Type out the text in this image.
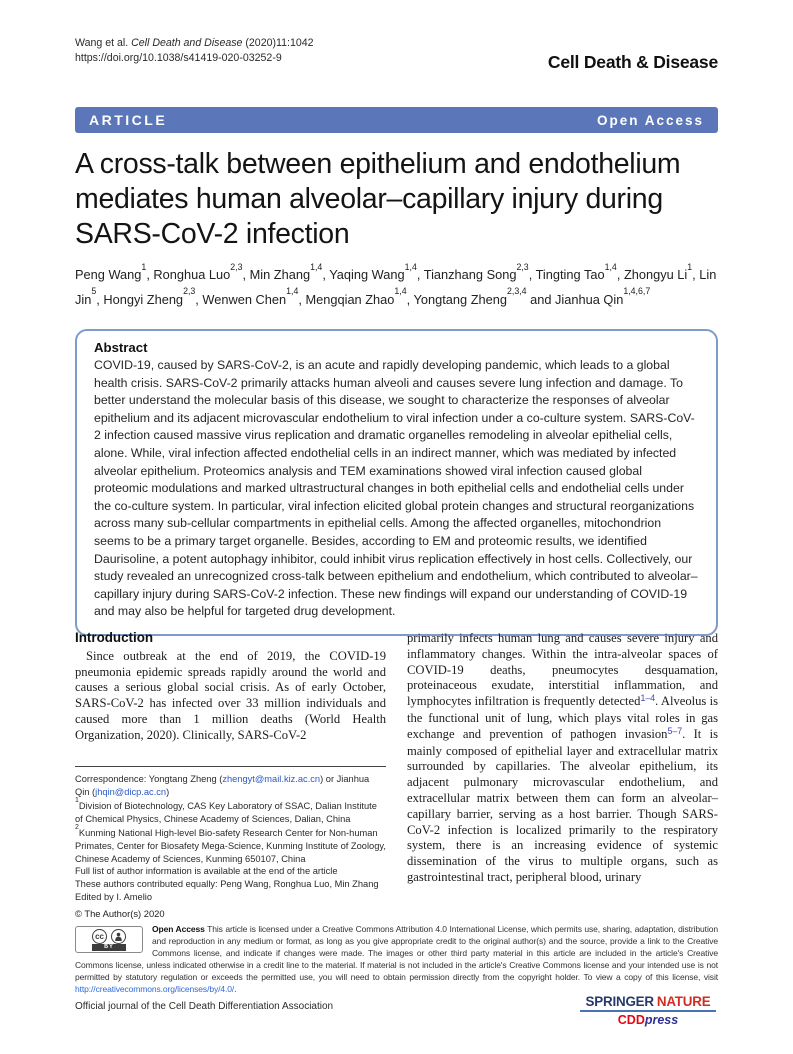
Wang et al. Cell Death and Disease (2020)11:1042
https://doi.org/10.1038/s41419-020-03252-9	Cell Death & Disease
ARTICLE	Open Access
A cross-talk between epithelium and endothelium mediates human alveolar–capillary injury during SARS-CoV-2 infection
Peng Wang$^1$, Ronghua Luo$^{2,3}$, Min Zhang$^{1,4}$, Yaqing Wang$^{1,4}$, Tianzhang Song$^{2,3}$, Tingting Tao$^{1,4}$, Zhongyu Li$^1$, Lin Jin$^5$, Hongyi Zheng$^{2,3}$, Wenwen Chen$^{1,4}$, Mengqian Zhao$^{1,4}$, Yongtang Zheng$^{2,3,4}$ and Jianhua Qin$^{1,4,6,7}$
Abstract

COVID-19, caused by SARS-CoV-2, is an acute and rapidly developing pandemic, which leads to a global health crisis. SARS-CoV-2 primarily attacks human alveoli and causes severe lung infection and damage. To better understand the molecular basis of this disease, we sought to characterize the responses of alveolar epithelium and its adjacent microvascular endothelium to viral infection under a co-culture system. SARS-CoV-2 infection caused massive virus replication and dramatic organelles remodeling in alveolar epithelial cells, alone. While, viral infection affected endothelial cells in an indirect manner, which was mediated by infected alveolar epithelium. Proteomics analysis and TEM examinations showed viral infection caused global proteomic modulations and marked ultrastructural changes in both epithelial cells and endothelial cells under the co-culture system. In particular, viral infection elicited global protein changes and structural reorganizations across many sub-cellular compartments in epithelial cells. Among the affected organelles, mitochondrion seems to be a primary target organelle. Besides, according to EM and proteomic results, we identified Daurisoline, a potent autophagy inhibitor, could inhibit virus replication effectively in host cells. Collectively, our study revealed an unrecognized cross-talk between epithelium and endothelium, which contributed to alveolar–capillary injury during SARS-CoV-2 infection. These new findings will expand our understanding of COVID-19 and may also be helpful for targeted drug development.

Introduction

Since outbreak at the end of 2019, the COVID-19 pneumonia epidemic spreads rapidly around the world and causes a serious global social crisis. As of early October, SARS-CoV-2 has infected over 33 million individuals and caused more than 1 million deaths (World Health Organization, 2020). Clinically, SARS-CoV-2

primarily infects human lung and causes severe injury and inflammatory changes. Within the intra-alveolar spaces of COVID-19 deaths, pneumocytes desquamation, proteinaceous exudate, interstitial inflammation, and lymphocytes infiltration is frequently detected$^{1-4}$. Alveolus is the functional unit of lung, which plays vital roles in gas exchange and prevention of pathogen invasion$^{5-7}$. It is mainly composed of epithelial layer and extracellular matrix surrounded by capillaries. The alveolar epithelium, its adjacent pulmonary microvascular endothelium, and extracellular matrix between them can form an alveolar–capillary barrier, serving as a host barrier. Though SARS-CoV-2 infection is localized primarily to the respiratory system, there is an increasing evidence of systemic dissemination of the virus to multiple organs, such as gastrointestinal tract, peripheral blood, urinary

Correspondence: Yongtang Zheng (zhengyt@mail.kiz.ac.cn) or Jianhua Qin (jhqin@dicp.ac.cn)
$^1$Division of Biotechnology, CAS Key Laboratory of SSAC, Dalian Institute of Chemical Physics, Chinese Academy of Sciences, Dalian, China
$^2$Kunming National High-level Bio-safety Research Center for Non-human Primates, Center for Biosafety Mega-Science, Kunming Institute of Zoology, Chinese Academy of Sciences, Kunming 650107, China
Full list of author information is available at the end of the article
These authors contributed equally: Peng Wang, Ronghua Luo, Min Zhang
Edited by I. Amelio
© The Author(s) 2020
cc
BY
Open Access This article is licensed under a Creative Commons Attribution 4.0 International License, which permits use, sharing, adaptation, distribution and reproduction in any medium or format, as long as you give appropriate credit to the original author(s) and the source, provide a link to the Creative Commons license, and indicate if changes were made. The images or other third party material in this article are included in the article's Creative Commons license, unless indicated otherwise in a credit line to the material. If material is not included in the article's Creative Commons license and your intended use is not permitted by statutory regulation or exceeds the permitted use, you will need to obtain permission directly from the copyright holder. To view a copy of this license, visit http://creativecommons.org/licenses/by/4.0/.
Official journal of the Cell Death Differentiation Association	SPRINGER NATURE
CDDpress
